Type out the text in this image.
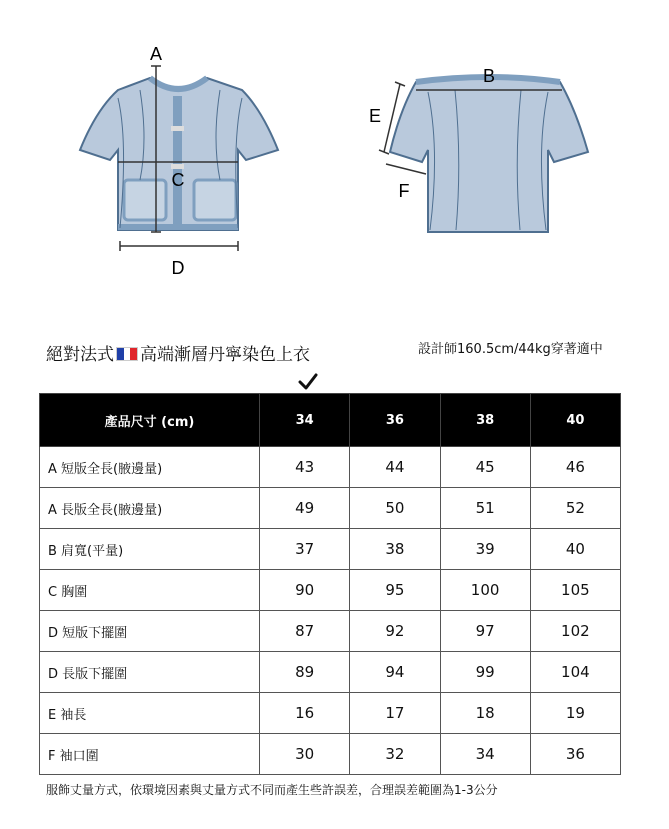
A
C
D
B
E
F
絕對法式 高端漸層丹寧染色上衣	設計師160.5cm/44kg穿著適中
產品尺寸 (cm)	34	36	38	40
A 短版全長(腋邊量)	43	44	45	46
A 長版全長(腋邊量)	49	50	51	52
B 肩寬(平量)	37	38	39	40
C 胸圍	90	95	100	105
D 短版下擺圍	87	92	97	102
D 長版下擺圍	89	94	99	104
E 袖長	16	17	18	19
F 袖口圍	30	32	34	36
服飾丈量方式，依環境因素與丈量方式不同而產生些許誤差，合理誤差範圍為1-3公分
